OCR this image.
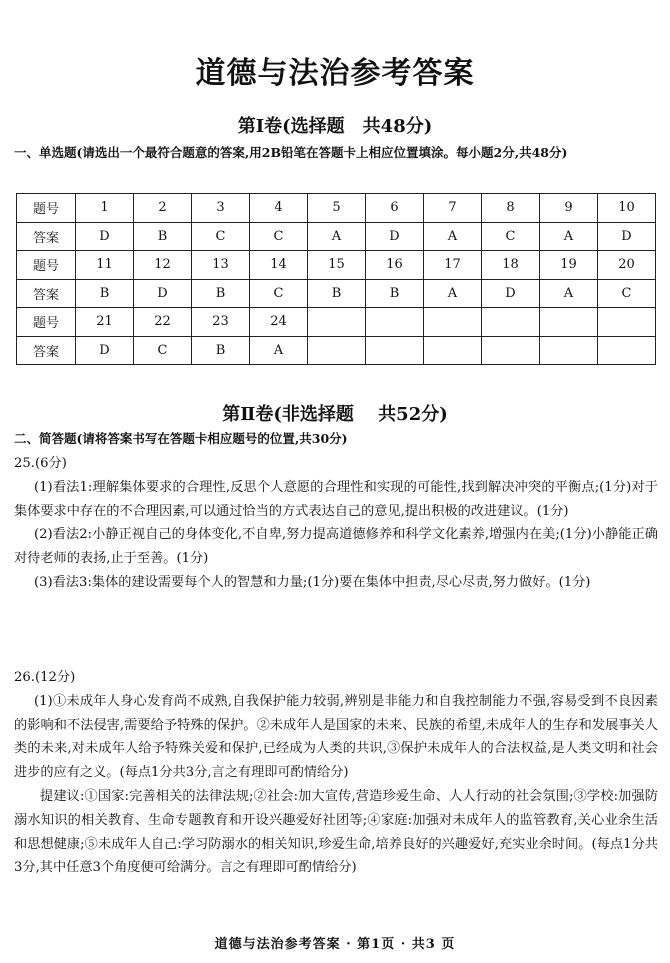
道德与法治参考答案
第Ⅰ卷(选择题　共48分)
一、单选题(请选出一个最符合题意的答案,用2B铅笔在答题卡上相应位置填涂。每小题2分,共48分)
题号	1	2	3	4	5	6	7	8	9	10
答案	D	B	C	C	A	D	A	C	A	D
题号	11	12	13	14	15	16	17	18	19	20
答案	B	D	B	C	B	B	A	D	A	C
题号	21	22	23	24						
答案	D	C	B	A						
第Ⅱ卷(非选择题　 共52分)
二、简答题(请将答案书写在答题卡相应题号的位置,共30分)

25.(6分)

(1)看法1:理解集体要求的合理性,反思个人意愿的合理性和实现的可能性,找到解决冲突的平衡点;(1分)对于集体要求中存在的不合理因素,可以通过恰当的方式表达自己的意见,提出积极的改进建议。(1分)

(2)看法2:小静正视自己的身体变化,不自卑,努力提高道德修养和科学文化素养,增强内在美;(1分)小静能正确对待老师的表扬,止于至善。(1分)

(3)看法3:集体的建设需要每个人的智慧和力量;(1分)要在集体中担责,尽心尽责,努力做好。(1分)

26.(12分)

(1)①未成年人身心发育尚不成熟,自我保护能力较弱,辨别是非能力和自我控制能力不强,容易受到不良因素的影响和不法侵害,需要给予特殊的保护。②未成年人是国家的未来、民族的希望,未成年人的生存和发展事关人类的未来,对未成年人给予特殊关爱和保护,已经成为人类的共识,③保护未成年人的合法权益,是人类文明和社会进步的应有之义。(每点1分共3分,言之有理即可酌情给分)

提建议:①国家:完善相关的法律法规;②社会:加大宣传,营造珍爱生命、人人行动的社会氛围;③学校:加强防溺水知识的相关教育、生命专题教育和开设兴趣爱好社团等;④家庭:加强对未成年人的监管教育,关心业余生活和思想健康;⑤未成年人自己:学习防溺水的相关知识,珍爱生命,培养良好的兴趣爱好,充实业余时间。(每点1分共3分,其中任意3个角度便可给满分。言之有理即可酌情给分)

道德与法治参考答案 · 第1页 · 共3 页
